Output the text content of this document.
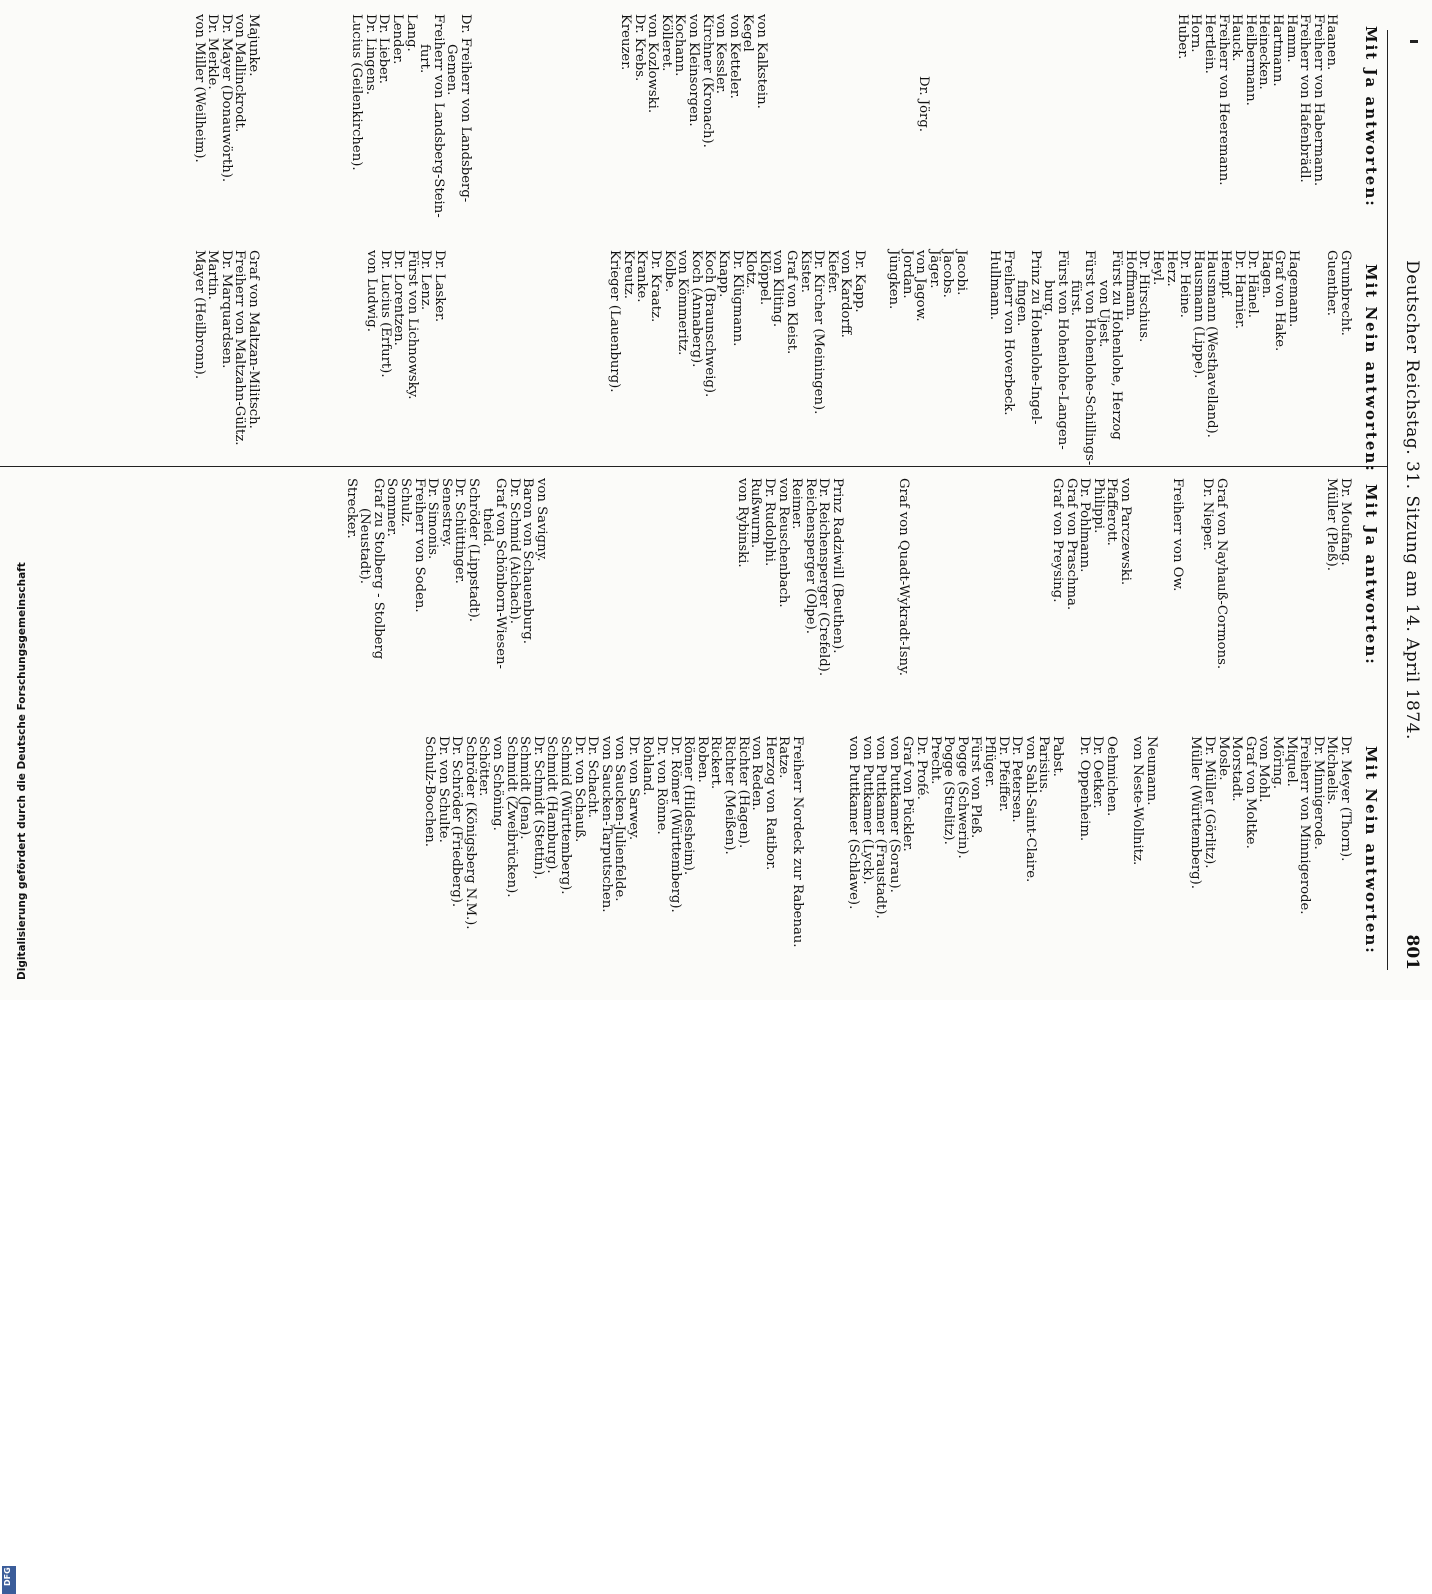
Digitalisierung gefördert durch die Deutsche Forschungsgemeinschaft
DFG
Deutscher Reichstag. 31. Sitzung am 14. April 1874.
801
Mit Ja antworten:
Mit Nein antworten:
Haanen.
Freiherr von Habermann.
Freiherr von Hafenbrädl.
Hamm.
Hartmann.
Heinecken.
Heilbermann.
Hauck.
Freiherr von Heeremann.
Hertlein.
Horn.
Huber.
Dr. Jörg.
von Kalkstein.
Kegel
von Ketteler.
von Kessler.
Kirchner (Kronach).
von Kleinsorgen.
Kochann.
Kölleret.
von Kozlowski.
Dr. Krebs.
Kreuzer.
Dr. Freiherr von Landsberg-
Gemen.
Freiherr von Landsberg-Stein-
furt.
Lang.
Lender.
Dr. Lieber.
Dr. Lingens.
Lucius (Geilenkirchen).
Majunke.
von Mallinckrodt.
Dr. Mayer (Donauwörth).
Dr. Merkle.
von Miller (Weilheim).
Grumbrecht.
Guenther.
Hagemann.
Graf von Hake.
Hagen.
Dr. Hänel.
Dr. Harnier.
Hempf.
Hausmann (Westhavelland).
Hausmann (Lippe).
Dr. Heine.
Herz.
Heyl.
Dr. Hirschius.
Hoffmann.
Fürst zu Hohenlohe, Herzog
von Ujest.
Fürst von Hohenlohe-Schillings-
fürst.
Fürst von Hohenlohe-Langen-
burg.
Prinz zu Hohenlohe-Ingel-
fingen.
Freiherr von Hoverbeck.
Hullmann.
Jacobi.
Jacobs.
Jäger.
von Jagow.
Jordan.
Jüngken.
Dr. Kapp.
von Kardorff.
Kiefer.
Dr. Kircher (Meiningen).
Kister.
Graf von Kleist.
von Kliting.
Klöppel.
Klotz.
Dr. Klügmann.
Knapp.
Koch (Braunschweig).
Koch (Annaberg).
von Kömmeritz.
Kolbe.
Dr. Kraatz.
Kranke.
Kreutz.
Krieger (Lauenburg).
Dr. Lasker.
Dr. Lenz.
Fürst von Lichnowsky.
Dr. Lorentzen.
Dr. Lucius (Erfurt).
von Ludwig.
Graf von Maltzan-Militsch.
Freiherr von Maltzahn-Gültz.
Dr. Marquardsen.
Martin.
Mayer (Heilbronn).
Mit Ja antworten:
Mit Nein antworten:
Dr. Moufang.
Müller (Pleß).
Graf von Nayhauß-Cormons.
Dr. Nieper.
Freiherr von Ow.
von Parczewski.
Pfafferott.
Philippi.
Dr. Pohlmann.
Graf von Praschma.
Graf von Preysing.
Graf von Quadt-Wykradt-Isny.
Prinz Radziwill (Beuthen).
Dr. Reichensperger (Crefeld).
Reichensperger (Olpe).
Reimer.
von Reuschenbach.
Dr. Rudolphi.
Rußwurm.
von Rybinski.
von Savigny.
Baron von Schauenburg.
Dr. Schmid (Aichach).
Graf von Schönborn-Wiesen-
theid.
Schröder (Lippstadt).
Dr. Schüttinger.
Senestrey.
Dr. Simonis.
Freiherr von Soden.
Schulz.
Sommer.
Graf zu Stolberg - Stolberg
(Neustadt).
Strecker.
Dr. Meyer (Thorn).
Michaelis.
Dr. Minnigerode.
Freiherr von Minnigerode.
Miquel.
Möring.
von Mohl.
Graf von Moltke.
Morstadt.
Mosle.
Dr. Müller (Görlitz).
Müller (Württemberg).
Neumann.
von Neste-Wollnitz.
Oehmichen.
Dr. Oetker.
Dr. Oppenheim.
Pabst.
Parisius.
von Sahl-Saint-Claire.
Dr. Petersen.
Dr. Pfeiffer.
Pflüger.
Fürst von Pleß.
Pogge (Schwerin).
Pogge (Strelitz).
Precht.
Dr. Profé.
Graf von Pückler.
von Puttkamer (Sorau).
von Puttkamer (Fraustadt).
von Puttkamer (Lyck).
von Puttkamer (Schlawe).
Freiherr Nordeck zur Rabenau.
Ratze.
Herzog von Ratibor.
von Reden.
Richter (Hagen).
Richter (Meißen).
Rickert.
Roben.
Römer (Hildesheim).
Dr. Römer (Württemberg).
Dr. von Rönne.
Rohland.
Dr. von Sarwey.
von Saucken-Julienfelde.
von Saucken-Tarputschen.
Dr. Schacht.
Dr. von Schauß.
Schmid (Württemberg).
Schmidt (Hamburg).
Dr. Schmidt (Stettin).
Schmidt (Jena).
Schmidt (Zweibrücken).
von Schöning.
Schötter.
Schröder (Königsberg N.M.).
Dr. Schröder (Friedberg).
Dr. von Schulte.
Schulz-Boochen.
